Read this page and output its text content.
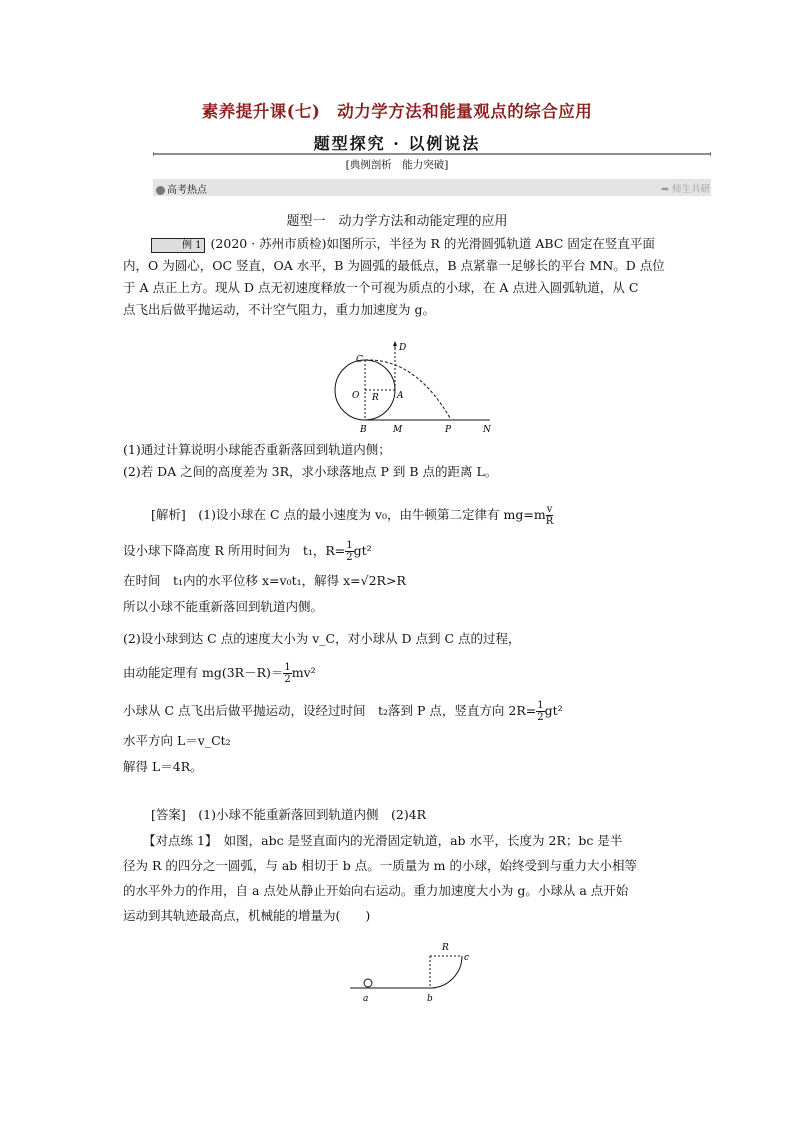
素养提升课(七)　动力学方法和能量观点的综合应用
题型探究 · 以例说法
[典例剖析　能力突破]
高考热点	➡ 师生共研
题型一　动力学方法和动能定理的应用
例 1 (2020 · 苏州市质检)如图所示，半径为 R 的光滑圆弧轨道 ABC 固定在竖直平面
内，O 为圆心，OC 竖直，OA 水平，B 为圆弧的最低点，B 点紧靠一足够长的平台 MN。D 点位
于 A 点正上方。现从 D 点无初速度释放一个可视为质点的小球，在 A 点进入圆弧轨道，从 C
点飞出后做平抛运动，不计空气阻力，重力加速度为 g。
D
C
O R A
B	M	P	N
(1)通过计算说明小球能否重新落回到轨道内侧；
(2)若 DA 之间的高度差为 3R，求小球落地点 P 到 B 点的距离 L。
[解析]　 (1)设小球在 C 点的最小速度为 v₀，由牛顿第二定律有 $mg=m \frac{v}{R}$
设小球下降高度 R 所用时间为　t₁，$R= \frac{1}{2} gt^2$
在时间　t₁内的水平位移 x=v₀t₁，解得 x=√2R>R
所以小球不能重新落回到轨道内侧。
(2)设小球到达 C 点的速度大小为 v_C，对小球从 D 点到 C 点的过程，
由动能定理有 $mg(3R-R)= \frac{1}{2} mv^2$
小球从 C 点飞出后做平抛运动，设经过时间　t₂落到 P 点，竖直方向 $2R= \frac{1}{2} gt^2$
水平方向 L＝v_Ct₂
解得 L＝4R。
[答案]　 (1)小球不能重新落回到轨道内侧　(2)4R
【对点练 1】　如图，abc 是竖直面内的光滑固定轨道，ab 水平，长度为 2R；bc 是半
径为 R 的四分之一圆弧，与 ab 相切于 b 点。一质量为 m 的小球，始终受到与重力大小相等
的水平外力的作用，自 a 点处从静止开始向右运动。重力加速度大小为 g。小球从 a 点开始
运动到其轨迹最高点，机械能的增量为(　　)
R
c
a	b
